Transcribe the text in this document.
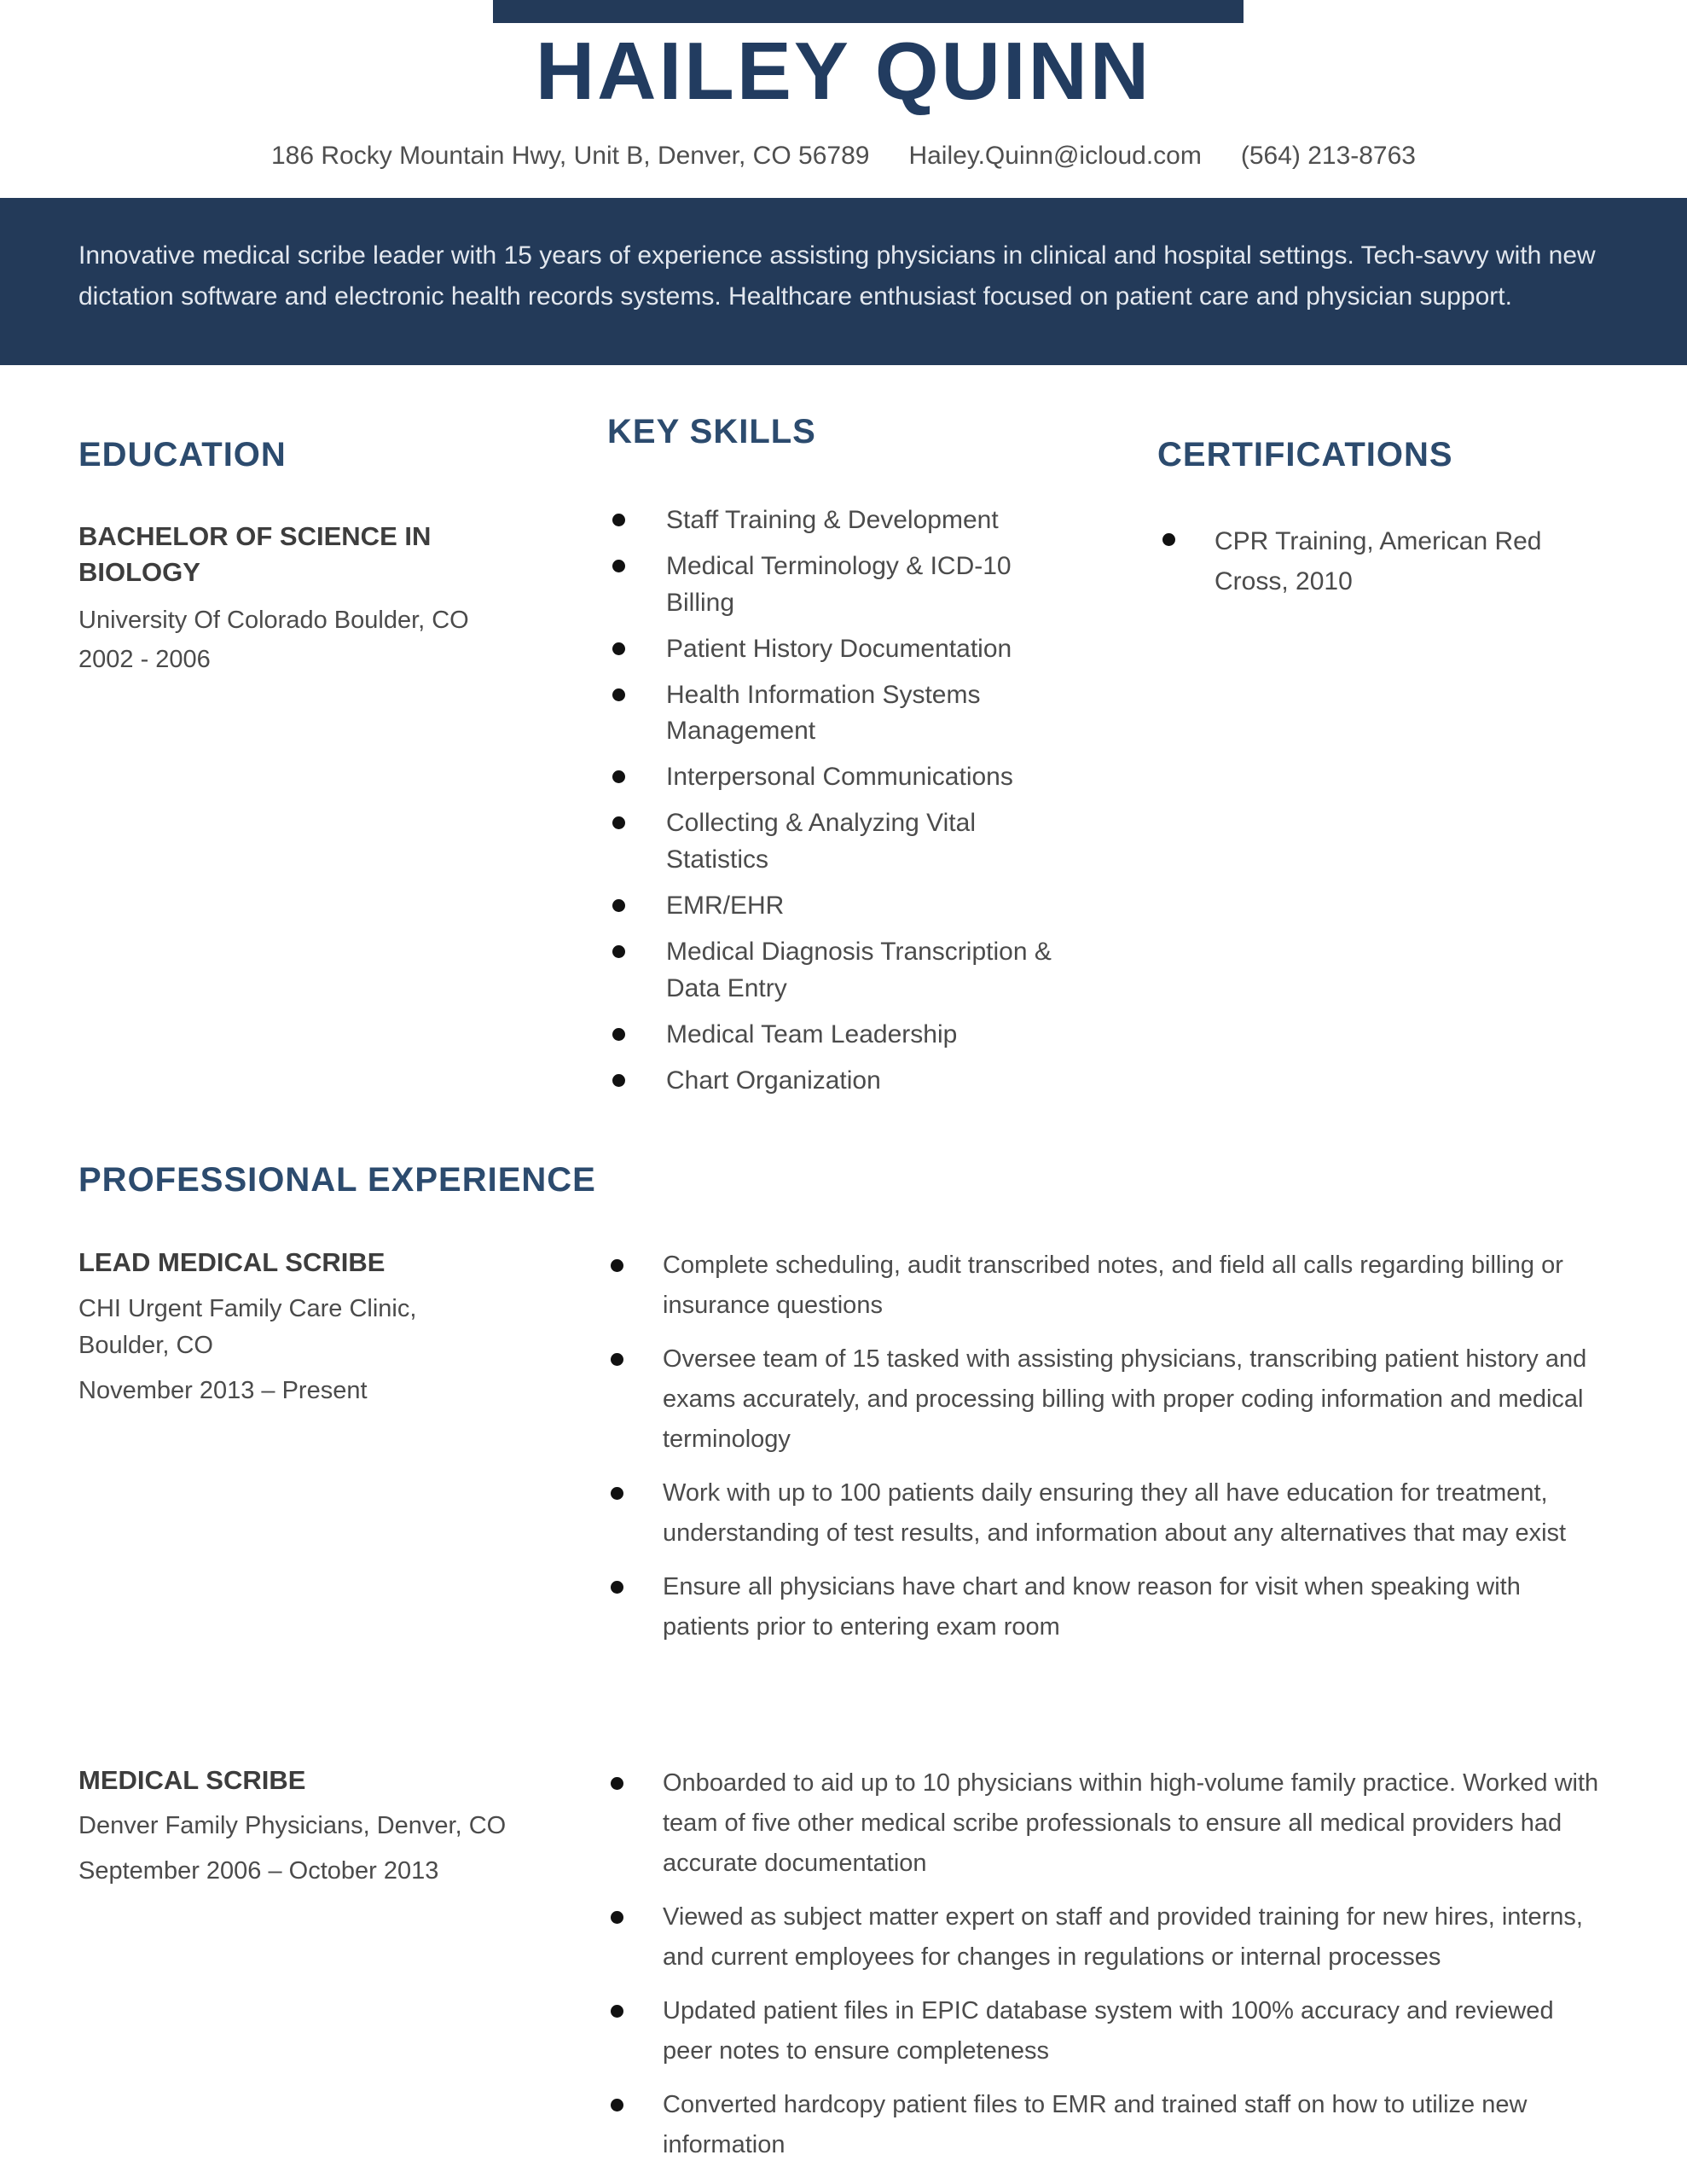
HAILEY QUINN
186 Rocky Mountain Hwy, Unit B, Denver, CO 56789 Hailey.Quinn@icloud.com (564) 213-8763

Innovative medical scribe leader with 15 years of experience assisting physicians in clinical and hospital settings. Tech-savvy with new dictation software and electronic health records systems. Healthcare enthusiast focused on patient care and physician support.

EDUCATION
BACHELOR OF SCIENCE IN
BIOLOGY
University Of Colorado Boulder, CO
2002 - 2006
KEY SKILLS
Staff Training & Development
Medical Terminology & ICD-10 Billing
Patient History Documentation
Health Information Systems Management
Interpersonal Communications
Collecting & Analyzing Vital Statistics
EMR/EHR
Medical Diagnosis Transcription & Data Entry
Medical Team Leadership
Chart Organization
CERTIFICATIONS
CPR Training, American Red Cross, 2010
PROFESSIONAL EXPERIENCE
LEAD MEDICAL SCRIBE
CHI Urgent Family Care Clinic,
Boulder, CO
November 2013 – Present
Complete scheduling, audit transcribed notes, and field all calls regarding billing or insurance questions
Oversee team of 15 tasked with assisting physicians, transcribing patient history and exams accurately, and processing billing with proper coding information and medical terminology
Work with up to 100 patients daily ensuring they all have education for treatment, understanding of test results, and information about any alternatives that may exist
Ensure all physicians have chart and know reason for visit when speaking with patients prior to entering exam room
MEDICAL SCRIBE
Denver Family Physicians, Denver, CO
September 2006 – October 2013
Onboarded to aid up to 10 physicians within high-volume family practice. Worked with team of five other medical scribe professionals to ensure all medical providers had accurate documentation
Viewed as subject matter expert on staff and provided training for new hires, interns, and current employees for changes in regulations or internal processes
Updated patient files in EPIC database system with 100% accuracy and reviewed peer notes to ensure completeness
Converted hardcopy patient files to EMR and trained staff on how to utilize new information
